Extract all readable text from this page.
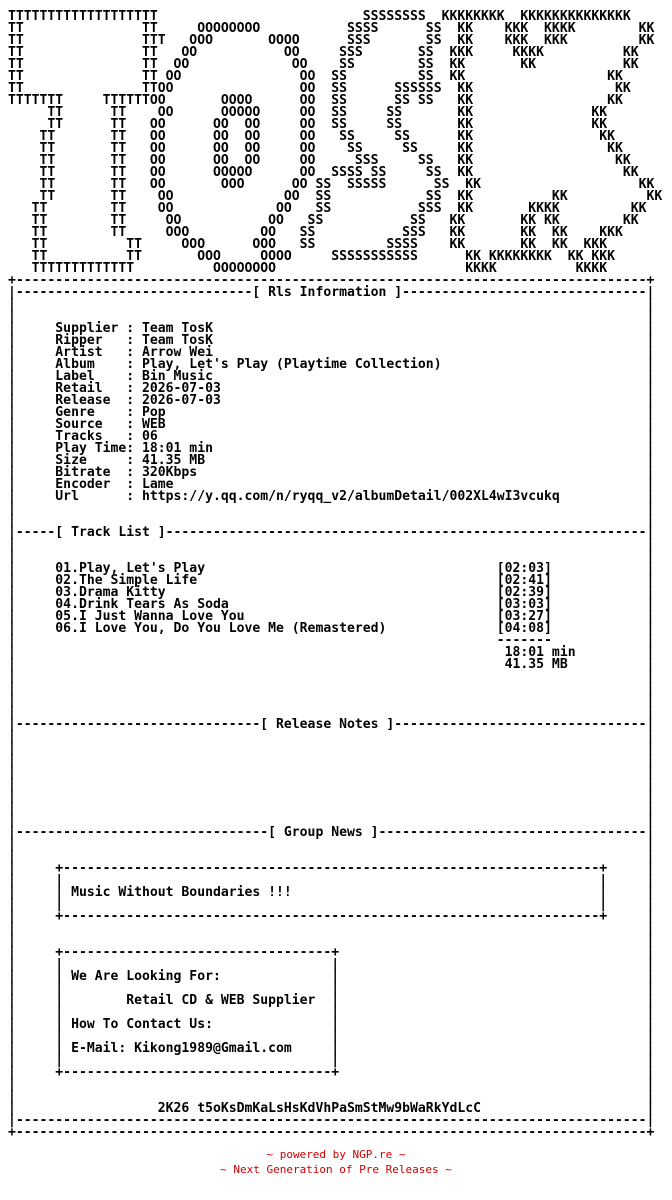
TTTTTTTTTTTTTTTTTTT                          SSSSSSSS  KKKKKKKK  KKKKKKKKKKKKKK
TT               TT     OOOOOOOO           SSSS      SS  KK    KKK  KKKK        KK
TT               TTT   OOO       OOOO      SSS       SS  KK    KKK  KKK         KK
TT               TT   OO           OO     SSS       SS  KKK     KKKK          KK
TT               TT  OO             OO    SS        SS  KK       KK           KK
TT               TT OO               OO  SS         SS  KK                  KK
TT               TTOO                OO  SS      SSSSSS  KK                  KK
TTTTTTT     TTTTTTOO       OOOO      OO  SS      SS SS   KK                 KK
TT      TT    OO      OOOOO     OO  SS     SS       KK               KK
TT      TT   OO      OO  OO     OO  SS     SS       KK               KK
TT       TT   OO      OO  OO     OO   SS     SS      KK                KK
TT       TT   OO      OO  OO     OO    SS     SS     KK                 KK
TT       TT   OO      OO  OO     OO     SSS     SS   KK                  KK
TT       TT   OO      OOOOO      OO  SSSS SS     SS  KK                   KK
TT       TT   OO       OOO      OO SS  SSSSS      SS  KK                    KK
TT       TT    OO              OO  SS            SS  KK          KK          KK
TT        TT    OO             OO   SS           SSS  KK       KKKK         KK
TT        TT     OO           OO   SS           SS   KK       KK KK        KK
TT        TT     OOO         OO   SS           SSS   KK       KK  KK    KKK
TT          TT     OOO      OOO   SS         SSSS    KK       KK  KK  KKK
TT          TT       OOO     OOOO     SSSSSSSSSSS      KK KKKKKKKK  KK KKK
TTTTTTTTTTTTT          OOOOOOOO                        KKKK          KKKK
+--------------------------------------------------------------------------------+
|------------------------------[ Rls Information ]-------------------------------|
|                                                                                |
|                                                                                |
|     Supplier : Team TosK                                                       |
|     Ripper   : Team TosK                                                       |
|     Artist   : Arrow Wei                                                       |
|     Album    : Play, Let's Play (Playtime Collection)                          |
|     Label    : Bin Music                                                       |
|     Retail   : 2026-07-03                                                      |
|     Release  : 2026-07-03                                                      |
|     Genre    : Pop                                                             |
|     Source   : WEB                                                             |
|     Tracks   : 06                                                              |
|     Play Time: 18:01 min                                                       |
|     Size     : 41.35 MB                                                        |
|     Bitrate  : 320Kbps                                                         |
|     Encoder  : Lame                                                            |
|     Url      : https://y.qq.com/n/ryqq_v2/albumDetail/002XL4wI3vcukq           |
|                                                                                |
|                                                                                |
|-----[ Track List ]-------------------------------------------------------------|
|                                                                                |
|                                                                                |
|     01.Play, Let's Play                                     [02:03]            |
|     02.The Simple Life                                      [02:41]            |
|     03.Drama Kitty                                          [02:39]            |
|     04.Drink Tears As Soda                                  [03:03]            |
|     05.I Just Wanna Love You                                [03:27]            |
|     06.I Love You, Do You Love Me (Remastered)              [04:08]            |
|                                                             -------            |
|                                                              18:01 min         |
|                                                              41.35 MB          |
|                                                                                |
|                                                                                |
|                                                                                |
|                                                                                |
|-------------------------------[ Release Notes ]--------------------------------|
|                                                                                |
|                                                                                |
|                                                                                |
|                                                                                |
|                                                                                |
|                                                                                |
|                                                                                |
|                                                                                |
|--------------------------------[ Group News ]----------------------------------|
|                                                                                |
|                                                                                |
|     +--------------------------------------------------------------------+     |
|     |                                                                    |     |
|     | Music Without Boundaries !!!                                       |     |
|     |                                                                    |     |
|     +--------------------------------------------------------------------+     |
|                                                                                |
|                                                                                |
|     +----------------------------------+                                       |
|     |                                  |                                       |
|     | We Are Looking For:              |                                       |
|     |                                  |                                       |
|     |        Retail CD & WEB Supplier  |                                       |
|     |                                  |                                       |
|     | How To Contact Us:               |                                       |
|     |                                  |                                       |
|     | E-Mail: Kikong1989@Gmail.com     |                                       |
|     |                                  |                                       |
|     +----------------------------------+                                       |
|                                                                                |
|                                                                                |
|                  2K26 t5oKsDmKaLsHsKdVhPaSmStMw9bWaRkYdLcC                     |
|--------------------------------------------------------------------------------|
+--------------------------------------------------------------------------------+
~ powered by NGP.re ~
~ Next Generation of Pre Releases ~
